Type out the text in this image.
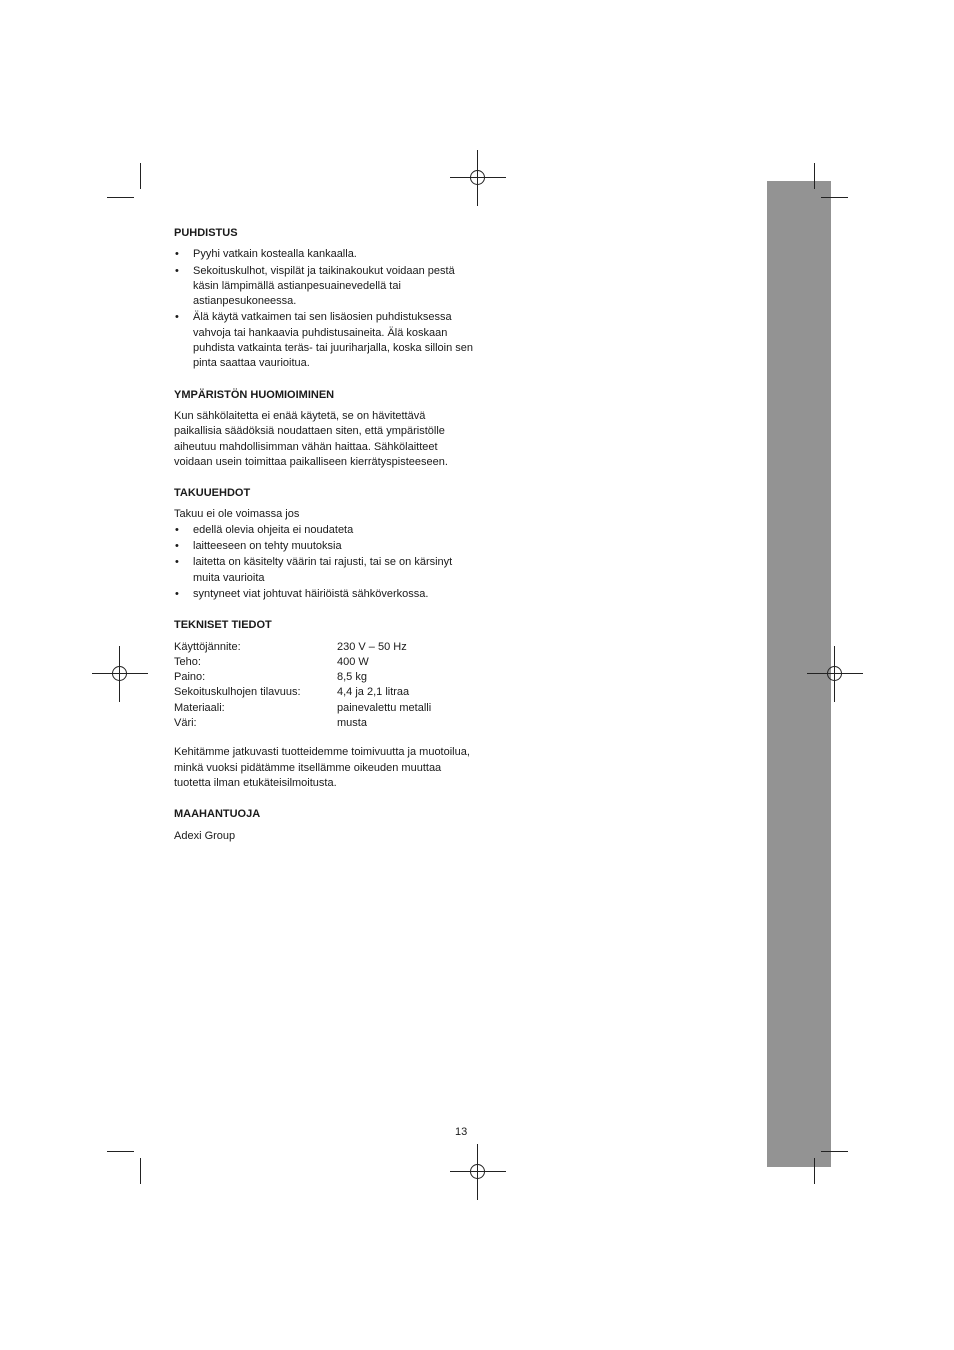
PUHDISTUS
• Pyyhi vatkain kostealla kankaalla.
• Sekoituskulhot, vispilät ja taikinakoukut voidaan pestä käsin lämpimällä astianpesuainevedellä tai astianpesukoneessa.
• Älä käytä vatkaimen tai sen lisäosien puhdistuksessa vahvoja tai hankaavia puhdistusaineita. Älä koskaan puhdista vatkainta teräs- tai juuriharjalla, koska silloin sen pinta saattaa vaurioitua.
YMPÄRISTÖN HUOMIOIMINEN

Kun sähkölaitetta ei enää käytetä, se on hävitettävä paikallisia säädöksiä noudattaen siten, että ympäristölle aiheutuu mahdollisimman vähän haittaa. Sähkölaitteet voidaan usein toimittaa paikalliseen kierrätyspisteeseen.

TAKUUEHDOT

Takuu ei ole voimassa jos

• edellä olevia ohjeita ei noudateta
• laitteeseen on tehty muutoksia
• laitetta on käsitelty väärin tai rajusti, tai se on kärsinyt muita vaurioita
• syntyneet viat johtuvat häiriöistä sähköverkossa.
TEKNISET TIEDOT
Käyttöjännite:	230 V – 50 Hz
Teho:	400 W
Paino:	8,5 kg
Sekoituskulhojen tilavuus:	4,4 ja 2,1 litraa
Materiaali:	painevalettu metalli
Väri:	musta

Kehitämme jatkuvasti tuotteidemme toimivuutta ja muotoilua, minkä vuoksi pidätämme itsellämme oikeuden muuttaa tuotetta ilman etukäteisilmoitusta.

MAAHANTUOJA

Adexi Group

13
